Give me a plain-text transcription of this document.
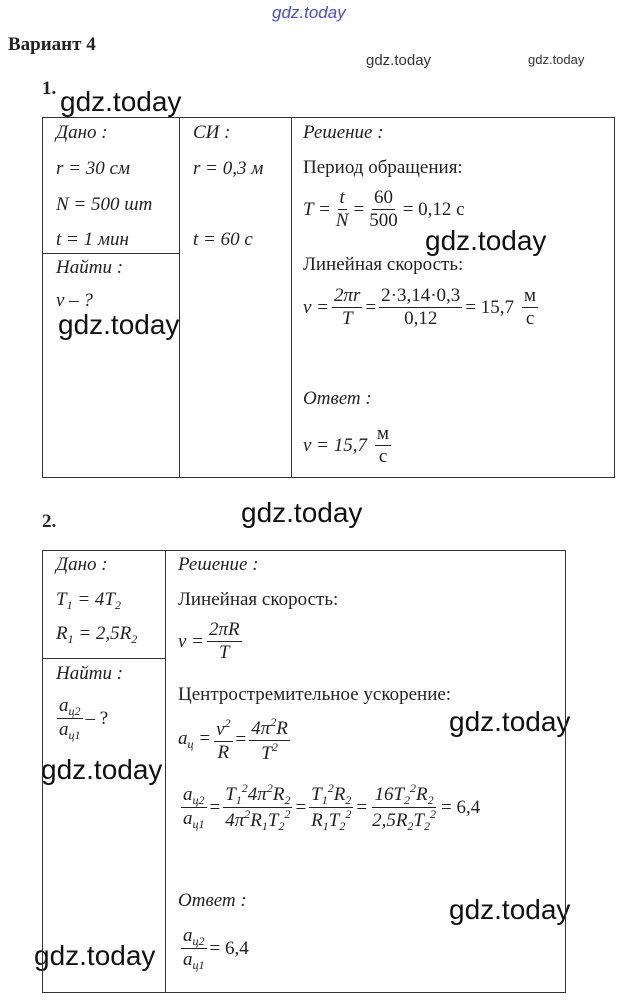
gdz.today
gdz.today	gdz.today
gdz.today
gdz.today
gdz.today
gdz.today
gdz.today
gdz.today
gdz.today
gdz.today
Вариант 4
1.
Дано :
r = 30 см
N = 500 шт
t = 1 мин
Найти :
v – ?
СИ :
r = 0,3 м
t = 60 с
Решение :
Период обращения:
$T = \frac{t}{N} = \frac{60}{500} = 0,12$ с
Линейная скорость:
$v = \frac{2\pi r}{T} = \frac{2\cdot 3,14\cdot 0,3}{0,12} = 15,7 \frac{м}{с}$
Ответ :
$v = 15,7 \frac{м}{с}$
2.
Дано :
$T_1 = 4T_2$
$R_1 = 2,5R_2$
Найти :
$\frac{a_{ц2}}{a_{ц1}}$ – ?
Решение :
Линейная скорость:
$v = \frac{2\pi R}{T}$
Центростремительное ускорение:
$a_ц = \frac{v^2}{R} = \frac{4\pi^2R}{T^2}$
$\frac{a_{ц2}}{a_{ц1}} = \frac{T_1^24\pi^2R_2}{4\pi^2R_1T_2^2} = \frac{T_1^2R_2}{R_1T_2^2} = \frac{16T_2^2R_2}{2,5R_2T_2^2} = 6,4$
Ответ :
$\frac{a_{ц2}}{a_{ц1}} = 6,4$
